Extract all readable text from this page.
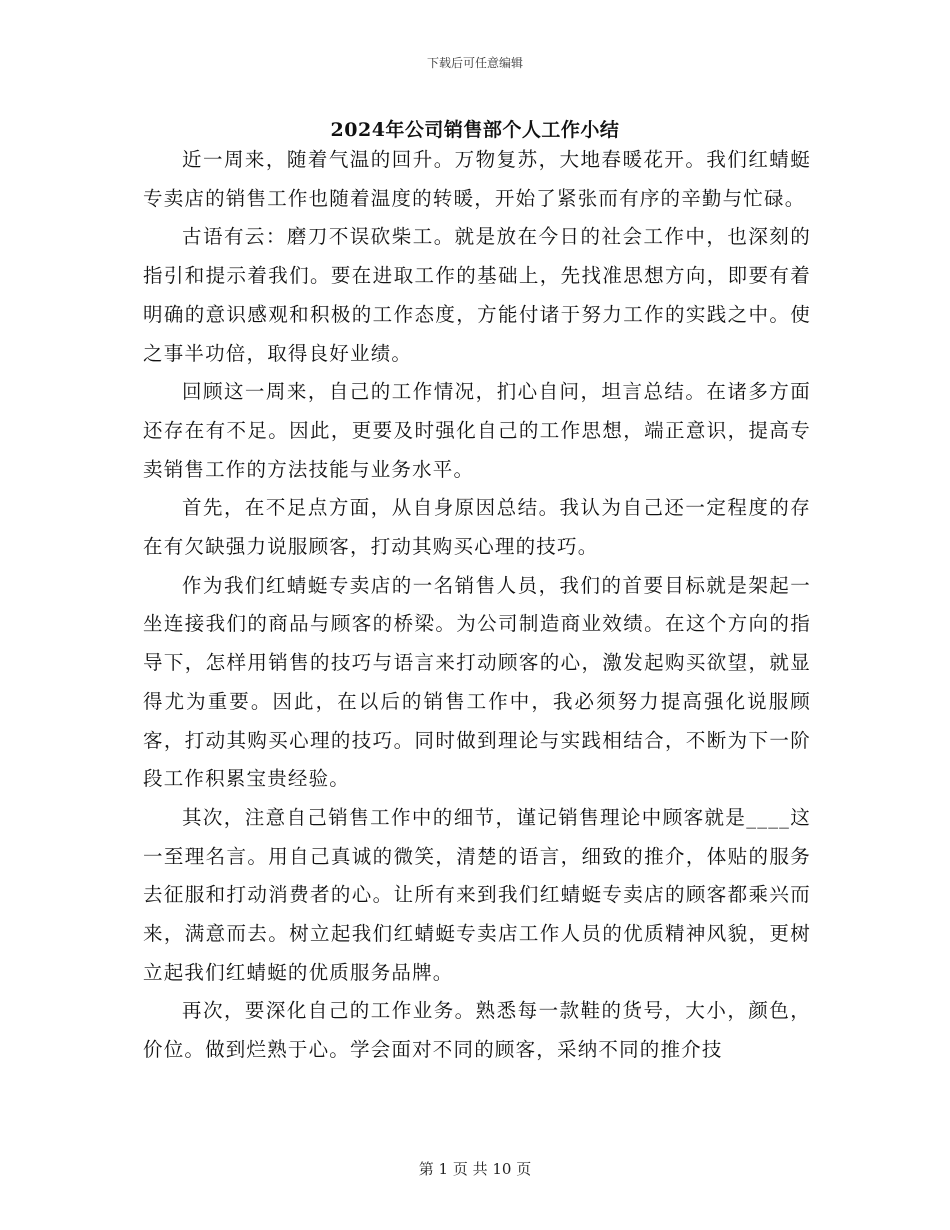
下载后可任意编辑
2024年公司销售部个人工作小结

近一周来，随着气温的回升。万物复苏，大地春暖花开。我们红蜻蜓专卖店的销售工作也随着温度的转暖，开始了紧张而有序的辛勤与忙碌。

古语有云：磨刀不误砍柴工。就是放在今日的社会工作中，也深刻的指引和提示着我们。要在进取工作的基础上，先找准思想方向，即要有着明确的意识感观和积极的工作态度，方能付诸于努力工作的实践之中。使之事半功倍，取得良好业绩。

回顾这一周来，自己的工作情况，扪心自问，坦言总结。在诸多方面还存在有不足。因此，更要及时强化自己的工作思想，端正意识，提高专卖销售工作的方法技能与业务水平。

首先，在不足点方面，从自身原因总结。我认为自己还一定程度的存在有欠缺强力说服顾客，打动其购买心理的技巧。

作为我们红蜻蜓专卖店的一名销售人员，我们的首要目标就是架起一坐连接我们的商品与顾客的桥梁。为公司制造商业效绩。在这个方向的指导下，怎样用销售的技巧与语言来打动顾客的心，激发起购买欲望，就显得尤为重要。因此，在以后的销售工作中，我必须努力提高强化说服顾客，打动其购买心理的技巧。同时做到理论与实践相结合，不断为下一阶段工作积累宝贵经验。

其次，注意自己销售工作中的细节，谨记销售理论中顾客就是____这一至理名言。用自己真诚的微笑，清楚的语言，细致的推介，体贴的服务去征服和打动消费者的心。让所有来到我们红蜻蜓专卖店的顾客都乘兴而来，满意而去。树立起我们红蜻蜓专卖店工作人员的优质精神风貌，更树立起我们红蜻蜓的优质服务品牌。

再次，要深化自己的工作业务。熟悉每一款鞋的货号，大小，颜色，价位。做到烂熟于心。学会面对不同的顾客，采纳不同的推介技

第 1 页 共 10 页
